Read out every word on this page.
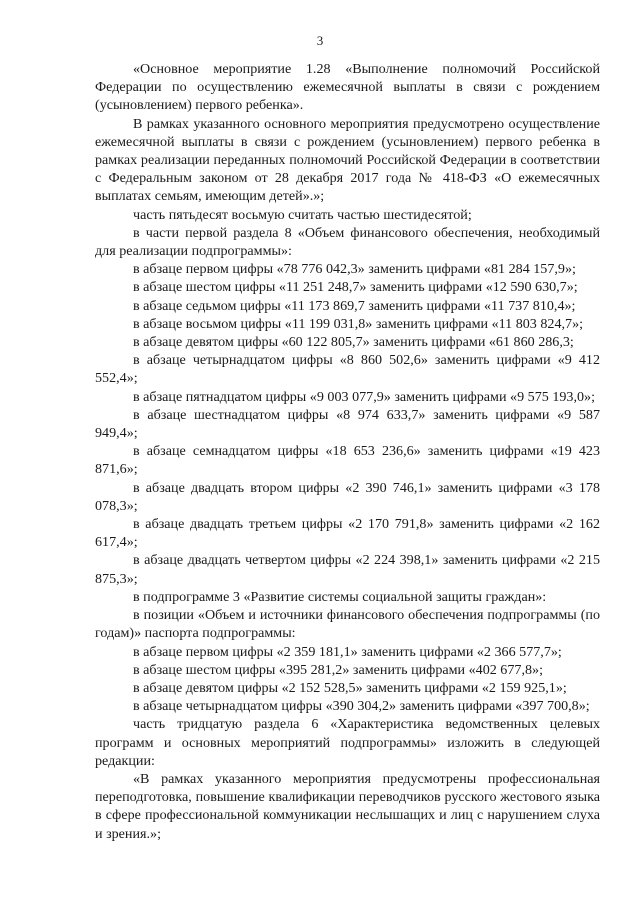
3

«Основное мероприятие 1.28 «Выполнение полномочий Российской Федерации по осуществлению ежемесячной выплаты в связи с рождением (усыновлением) первого ребенка».

В рамках указанного основного мероприятия предусмотрено осуществление ежемесячной выплаты в связи с рождением (усыновлением) первого ребенка в рамках реализации переданных полномочий Российской Федерации в соответствии с Федеральным законом от 28 декабря 2017 года № 418-ФЗ «О ежемесячных выплатах семьям, имеющим детей».»;

часть пятьдесят восьмую считать частью шестидесятой;

в части первой раздела 8 «Объем финансового обеспечения, необходимый для реализации подпрограммы»:

в абзаце первом цифры «78 776 042,3» заменить цифрами «81 284 157,9»;

в абзаце шестом цифры «11 251 248,7» заменить цифрами «12 590 630,7»;

в абзаце седьмом цифры «11 173 869,7 заменить цифрами «11 737 810,4»;

в абзаце восьмом цифры «11 199 031,8» заменить цифрами «11 803 824,7»;

в абзаце девятом цифры «60 122 805,7» заменить цифрами «61 860 286,3;

в абзаце четырнадцатом цифры «8 860 502,6» заменить цифрами «9 412 552,4»;

в абзаце пятнадцатом цифры «9 003 077,9» заменить цифрами «9 575 193,0»;

в абзаце шестнадцатом цифры «8 974 633,7» заменить цифрами «9 587 949,4»;

в абзаце семнадцатом цифры «18 653 236,6» заменить цифрами «19 423 871,6»;

в абзаце двадцать втором цифры «2 390 746,1» заменить цифрами «3 178 078,3»;

в абзаце двадцать третьем цифры «2 170 791,8» заменить цифрами «2 162 617,4»;

в абзаце двадцать четвертом цифры «2 224 398,1» заменить цифрами «2 215 875,3»;

в подпрограмме 3 «Развитие системы социальной защиты граждан»:

в позиции «Объем и источники финансового обеспечения подпрограммы (по годам)» паспорта подпрограммы:

в абзаце первом цифры «2 359 181,1» заменить цифрами «2 366 577,7»;

в абзаце шестом цифры «395 281,2» заменить цифрами «402 677,8»;

в абзаце девятом цифры «2 152 528,5» заменить цифрами «2 159 925,1»;

в абзаце четырнадцатом цифры «390 304,2» заменить цифрами «397 700,8»;

часть тридцатую раздела 6 «Характеристика ведомственных целевых программ и основных мероприятий подпрограммы» изложить в следующей редакции:

«В рамках указанного мероприятия предусмотрены профессиональная переподготовка, повышение квалификации переводчиков русского жестового языка в сфере профессиональной коммуникации неслышащих и лиц с нарушением слуха и зрения.»;
